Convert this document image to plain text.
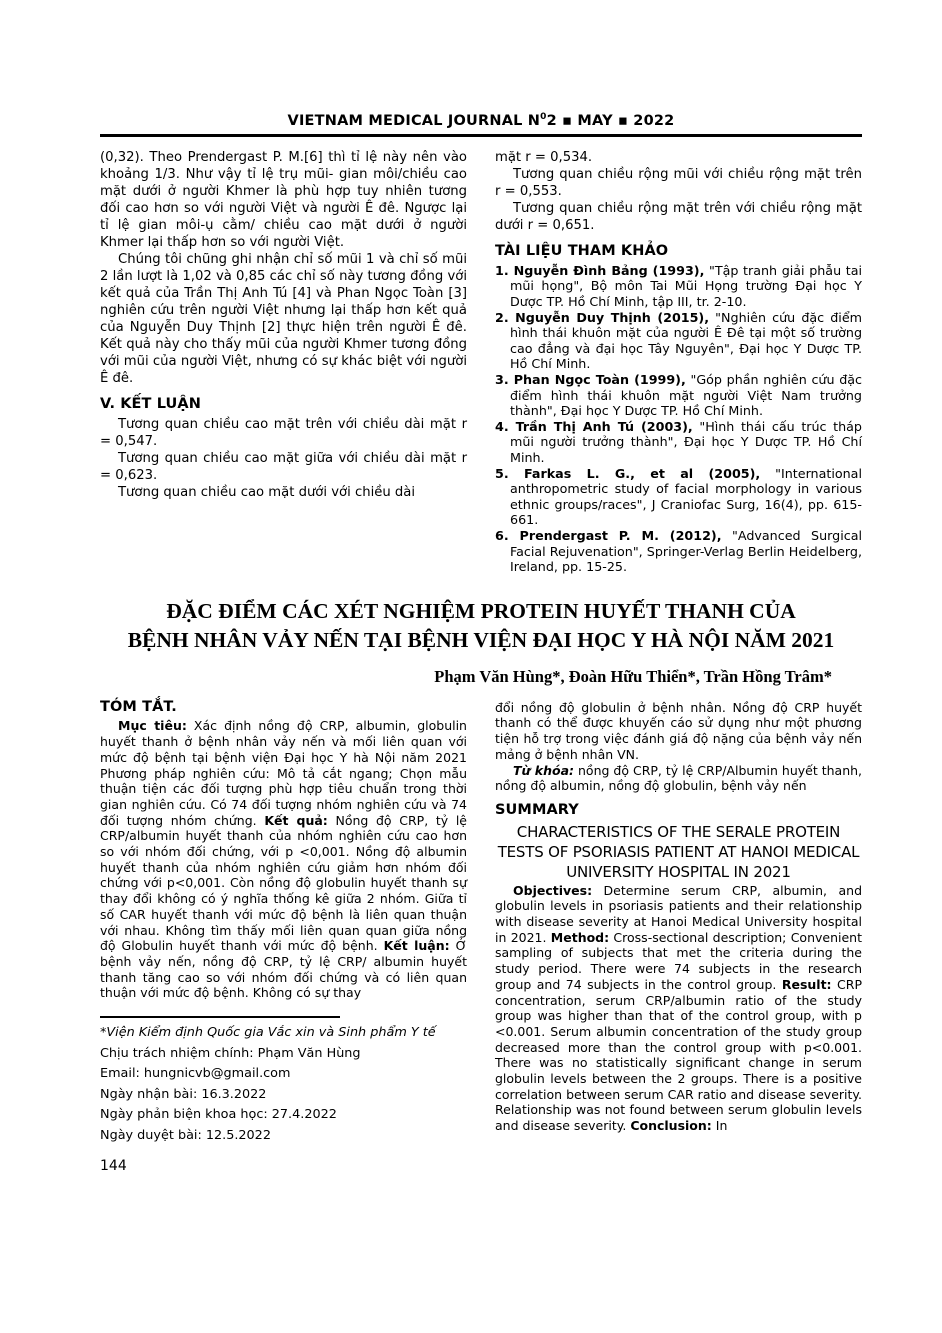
VIETNAM MEDICAL JOURNAL $N^02$ ▪ MAY ▪ 2022

(0,32). Theo Prendergast P. M.[6] thì tỉ lệ này nên vào khoảng 1/3. Như vậy tỉ lệ trụ mũi- gian môi/chiều cao mặt dưới ở người Khmer là phù hợp tuy nhiên tương đối cao hơn so với người Việt và người Ê đê. Ngược lại tỉ lệ gian môi-ụ cằm/ chiều cao mặt dưới ở người Khmer lại thấp hơn so với người Việt.

Chúng tôi chũng ghi nhận chỉ số mũi 1 và chỉ số mũi 2 lần lượt là 1,02 và 0,85 các chỉ số này tương đồng với kết quả của Trần Thị Anh Tú [4] và Phan Ngọc Toàn [3] nghiên cứu trên người Việt nhưng lại thấp hơn kết quả của Nguyễn Duy Thịnh [2] thực hiện trên người Ê đê. Kết quả này cho thấy mũi của người Khmer tương đồng với mũi của người Việt, nhưng có sự khác biệt với người Ê đê.

V. KẾT LUẬN

Tương quan chiều cao mặt trên với chiều dài mặt r = 0,547.

Tương quan chiều cao mặt giữa với chiều dài mặt r = 0,623.

Tương quan chiều cao mặt dưới với chiều dài

mặt r = 0,534.

Tương quan chiều rộng mũi với chiều rộng mặt trên r = 0,553.

Tương quan chiều rộng mặt trên với chiều rộng mặt dưới r = 0,651.

TÀI LIỆU THAM KHẢO

1. Nguyễn Đình Bảng (1993), "Tập tranh giải phẫu tai mũi họng", Bộ môn Tai Mũi Họng trường Đại học Y Dược TP. Hồ Chí Minh, tập III, tr. 2-10.

2. Nguyễn Duy Thịnh (2015), "Nghiên cứu đặc điểm hình thái khuôn mặt của người Ê Đê tại một số trường cao đẳng và đại học Tây Nguyên", Đại học Y Dược TP. Hồ Chí Minh.

3. Phan Ngọc Toàn (1999), "Góp phần nghiên cứu đặc điểm hình thái khuôn mặt người Việt Nam trưởng thành", Đại học Y Dược TP. Hồ Chí Minh.

4. Trần Thị Anh Tú (2003), "Hình thái cấu trúc tháp mũi người trưởng thành", Đại học Y Dược TP. Hồ Chí Minh.

5. Farkas L. G., et al (2005), "International anthropometric study of facial morphology in various ethnic groups/races", J Craniofac Surg, 16(4), pp. 615-661.

6. Prendergast P. M. (2012), "Advanced Surgical Facial Rejuvenation", Springer-Verlag Berlin Heidelberg, Ireland, pp. 15-25.

ĐẶC ĐIỂM CÁC XÉT NGHIỆM PROTEIN HUYẾT THANH CỦA
BỆNH NHÂN VẢY NẾN TẠI BỆNH VIỆN ĐẠI HỌC Y HÀ NỘI NĂM 2021
Phạm Văn Hùng*, Đoàn Hữu Thiển*, Trần Hồng Trâm*

TÓM TẮT.

Mục tiêu: Xác định nồng độ CRP, albumin, globulin huyết thanh ở bệnh nhân vảy nến và mối liên quan với mức độ bệnh tại bệnh viện Đại học Y hà Nội năm 2021 Phương pháp nghiên cứu: Mô tả cắt ngang; Chọn mẫu thuận tiện các đối tượng phù hợp tiêu chuẩn trong thời gian nghiên cứu. Có 74 đối tượng nhóm nghiên cứu và 74 đối tượng nhóm chứng. Kết quả: Nồng độ CRP, tỷ lệ CRP/albumin huyết thanh của nhóm nghiên cứu cao hơn so với nhóm đối chứng, với p <0,001. Nồng độ albumin huyết thanh của nhóm nghiên cứu giảm hơn nhóm đối chứng với p<0,001. Còn nồng độ globulin huyết thanh sự thay đổi không có ý nghĩa thống kê giữa 2 nhóm. Giữa tỉ số CAR huyết thanh với mức độ bệnh là liên quan thuận với nhau. Không tìm thấy mối liên quan quan giữa nồng độ Globulin huyết thanh với mức độ bệnh. Kết luận: Ở bệnh vảy nến, nồng độ CRP, tỷ lệ CRP/ albumin huyết thanh tăng cao so với nhóm đối chứng và có liên quan thuận với mức độ bệnh. Không có sự thay

*Viện Kiểm định Quốc gia Vắc xin và Sinh phẩm Y tế
Chịu trách nhiệm chính: Phạm Văn Hùng
Email: hungnicvb@gmail.com
Ngày nhận bài: 16.3.2022
Ngày phản biện khoa học: 27.4.2022
Ngày duyệt bài: 12.5.2022

đổi nồng độ globulin ở bệnh nhân. Nồng độ CRP huyết thanh có thể được khuyến cáo sử dụng như một phương tiện hỗ trợ trong việc đánh giá độ nặng của bệnh vảy nến mảng ở bệnh nhân VN.

Từ khóa: nồng độ CRP, tỷ lệ CRP/Albumin huyết thanh, nồng độ albumin, nồng độ globulin, bệnh vảy nến

SUMMARY

CHARACTERISTICS OF THE SERALE PROTEIN TESTS OF PSORIASIS PATIENT AT HANOI MEDICAL UNIVERSITY HOSPITAL IN 2021

Objectives: Determine serum CRP, albumin, and globulin levels in psoriasis patients and their relationship with disease severity at Hanoi Medical University hospital in 2021. Method: Cross-sectional description; Convenient sampling of subjects that met the criteria during the study period. There were 74 subjects in the research group and 74 subjects in the control group. Result: CRP concentration, serum CRP/albumin ratio of the study group was higher than that of the control group, with p <0.001. Serum albumin concentration of the study group decreased more than the control group with p<0.001. There was no statistically significant change in serum globulin levels between the 2 groups. There is a positive correlation between serum CAR ratio and disease severity. Relationship was not found between serum globulin levels and disease severity. Conclusion: In

144
